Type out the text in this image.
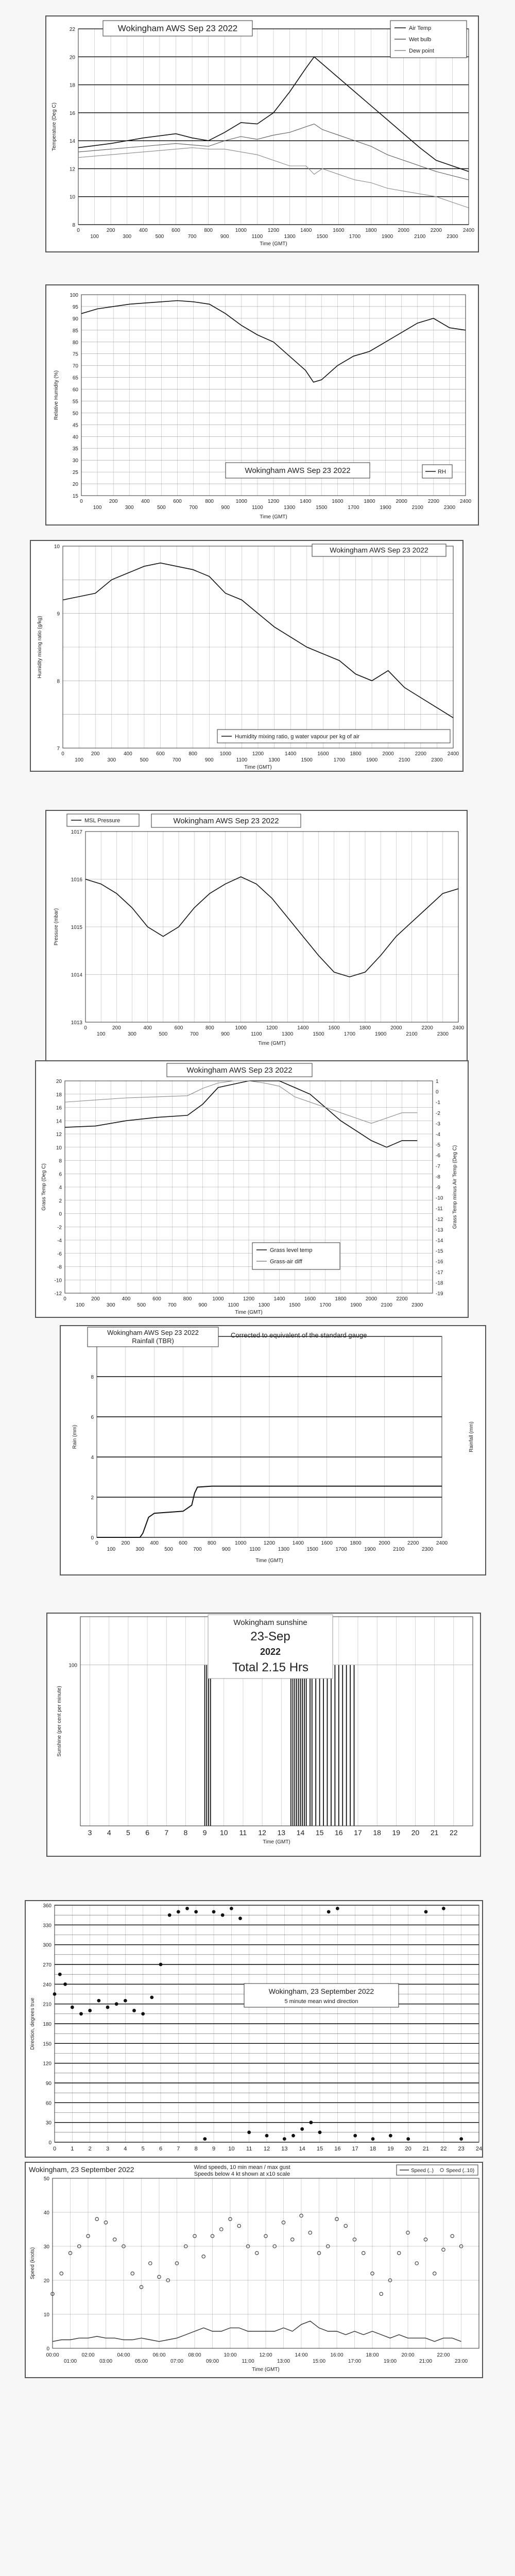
8
10
12
14
16
18
20
22
0
100
200
300
400
500
600
700
800
900
1000
1100
1200
1300
1400
1500
1600
1700
1800
1900
2000
2100
2200
2300
2400
Time (GMT)
Temperature (Deg C)
Wokingham AWS Sep 23 2022	Air Temp
Wet bulb
Dew point
15
20
25
30
35
40
45
50
55
60
65
70
75
80
85
90
95
100
0
100
200
300
400
500
600
700
800
900
1000
1100
1200
1300
1400
1500
1600
1700
1800
1900
2000
2100
2200
2300
2400
Time (GMT)
Relative Humidity (%)
Wokingham AWS Sep 23 2022	RH
7
8
9
10
0
100
200
300
400
500
600
700
800
900
1000
1100
1200
1300
1400
1500
1600
1700
1800
1900
2000
2100
2200
2300
2400
Time (GMT)
Humidity mixing ratio (g/kg)
Wokingham AWS Sep 23 2022
Humidity mixing ratio, g water vapour per kg of air
1013
1014
1015
1016
1017
0
100
200
300
400
500
600
700
800
900
1000
1100
1200
1300
1400
1500
1600
1700
1800
1900
2000
2100
2200
2300
2400
Time (GMT)
Pressure (mbar)
MSL Pressure	Wokingham AWS Sep 23 2022
-12
-10
-8
-6
-4
-2
0
2
4
6
8
10
12
14
16
18
20
-19
-18
-17
-16
-15
-14
-13
-12
-11
-10
-9
-8
-7
-6
-5
-4
-3
-2
-1
0
1
0
100
200
300
400
500
600
700
800
900
1000
1100
1200
1300
1400
1500
1600
1700
1800
1900
2000
2100
2200
2300
Time (GMT)
Grass Temp (Deg C)	Grass Temp minus Air Temp (Deg C)
Wokingham AWS Sep 23 2022
Grass level temp
Grass-air diff
0
2
4
6
8
0
100
200
300
400
500
600
700
800
900
1000
1100
1200
1300
1400
1500
1600
1700
1800
1900
2000
2100
2200
2300
2400
Time (GMT)
Rain (mm)	Rainfall (mm)
Wokingham AWS Sep 23 2022
Rainfall (TBR)
Corrected to equivalent of the standard gauge
100
3 4 5 6 7 8 9 10 11 12 13 14 15 16 17 18 19 20 21 22
Time (GMT)
Sunshine (per cent per minute)
Wokingham sunshine
23-Sep
2022
Total 2.15 Hrs
0
30
60
90
120
150
180
210
240
270
300
330
360
0	1	2	3	4	5	6	7	8	9 10 11 12 13 14 15 16 17 18 19 20 21 22 23 24
Direction, degrees true
Wokingham, 23 September 2022
5 minute mean wind direction
0
10
20
30
40
50
00:00
01:00
02:00
03:00
04:00
05:00
06:00
07:00
08:00
09:00
10:00
11:00
12:00
13:00
14:00
15:00
16:00
17:00
18:00
19:00
20:00
21:00
22:00
23:00
Time (GMT)
Speed (knots)
Wokingham, 23 September 2022	Wind speeds, 10 min mean / max gust
Speeds below 4 kt shown at x10 scale
Speed (..) Speed (..10)
